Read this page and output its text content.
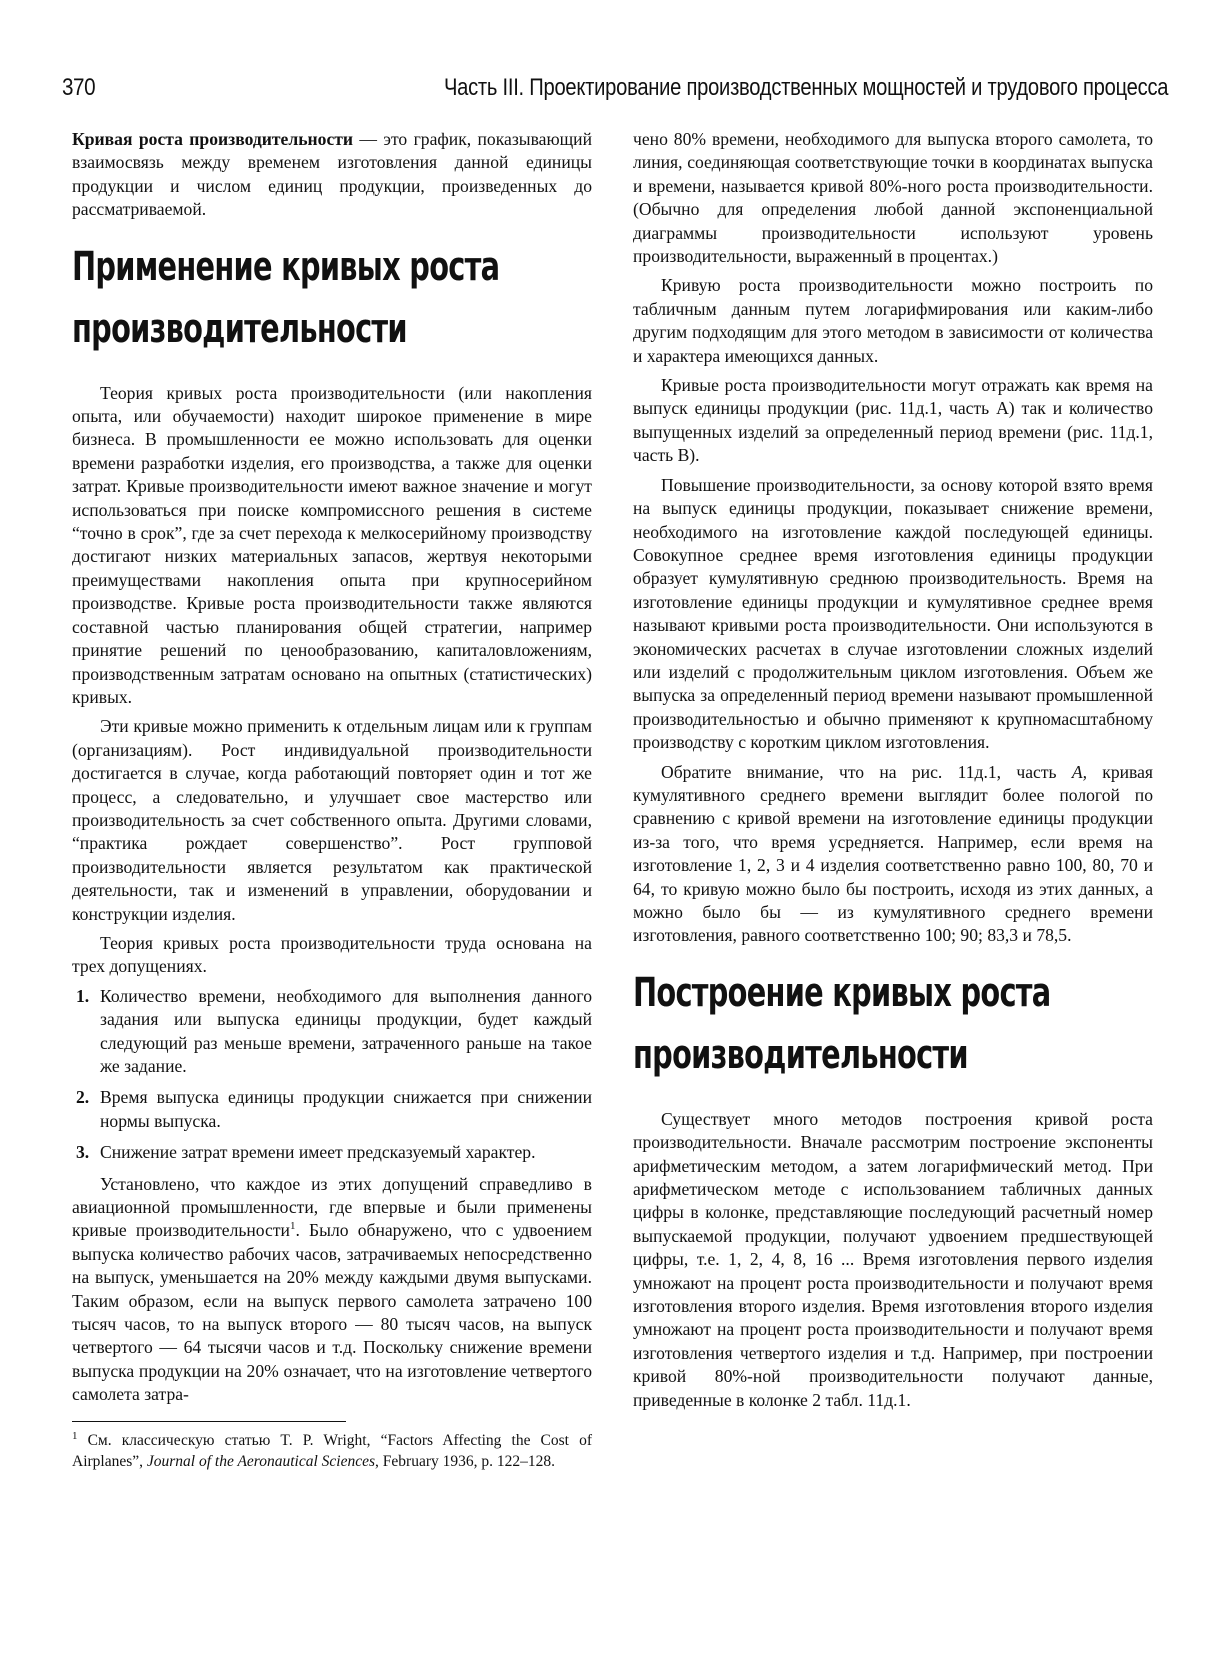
370	Часть III. Проектирование производственных мощностей и трудового процесса

Кривая роста производительности — это график, показывающий взаимосвязь между временем изготовления данной единицы продукции и числом единиц продукции, произведенных до рассматриваемой.

Применение кривых роста
производительности

Теория кривых роста производительности (или накопления опыта, или обучаемости) находит широкое применение в мире бизнеса. В промышленности ее можно использовать для оценки времени разработки изделия, его производства, а также для оценки затрат. Кривые производительности имеют важное значение и могут использоваться при поиске компромиссного решения в системе “точно в срок”, где за счет перехода к мелкосерийному производству достигают низких материальных запасов, жертвуя некоторыми преимуществами накопления опыта при крупносерийном производстве. Кривые роста производительности также являются составной частью планирования общей стратегии, например принятие решений по ценообразованию, капиталовложениям, производственным затратам основано на опытных (статистических) кривых.

Эти кривые можно применить к отдельным лицам или к группам (организациям). Рост индивидуальной производительности достигается в случае, когда работающий повторяет один и тот же процесс, а следовательно, и улучшает свое мастерство или производительность за счет собственного опыта. Другими словами, “практика рождает совершенство”. Рост групповой производительности является результатом как практической деятельности, так и изменений в управлении, оборудовании и конструкции изделия.

Теория кривых роста производительности труда основана на трех допущениях.

1. Количество времени, необходимого для выполнения данного задания или выпуска единицы продукции, будет каждый следующий раз меньше времени, затраченного раньше на такое же задание.
2. Время выпуска единицы продукции снижается при снижении нормы выпуска.
3. Снижение затрат времени имеет предсказуемый характер.

Установлено, что каждое из этих допущений справедливо в авиационной промышленности, где впервые и были применены кривые производительности$^1$. Было обнаружено, что с удвоением выпуска количество рабочих часов, затрачиваемых непосредственно на выпуск, уменьшается на 20% между каждыми двумя выпусками. Таким образом, если на выпуск первого самолета затрачено 100 тысяч часов, то на выпуск второго — 80 тысяч часов, на выпуск четвертого — 64 тысячи часов и т.д. Поскольку снижение времени выпуска продукции на 20% означает, что на изготовление четвертого самолета затра-

$^1$ См. классическую статью T. P. Wright, “Factors Affecting the Cost of Airplanes”, Journal of the Aeronautical Sciences, February 1936, p. 122–128.

чено 80% времени, необходимого для выпуска второго самолета, то линия, соединяющая соответствующие точки в координатах выпуска и времени, называется кривой 80%-ного роста производительности. (Обычно для определения любой данной экспоненциальной диаграммы производительности используют уровень производительности, выраженный в процентах.)

Кривую роста производительности можно построить по табличным данным путем логарифмирования или каким-либо другим подходящим для этого методом в зависимости от количества и характера имеющихся данных.

Кривые роста производительности могут отражать как время на выпуск единицы продукции (рис. 11д.1, часть А) так и количество выпущенных изделий за определенный период времени (рис. 11д.1, часть В).

Повышение производительности, за основу которой взято время на выпуск единицы продукции, показывает снижение времени, необходимого на изготовление каждой последующей единицы. Совокупное среднее время изготовления единицы продукции образует кумулятивную среднюю производительность. Время на изготовление единицы продукции и кумулятивное среднее время называют кривыми роста производительности. Они используются в экономических расчетах в случае изготовлении сложных изделий или изделий с продолжительным циклом изготовления. Объем же выпуска за определенный период времени называют промышленной производительностью и обычно применяют к крупномасштабному производству с коротким циклом изготовления.

Обратите внимание, что на рис. 11д.1, часть А, кривая кумулятивного среднего времени выглядит более пологой по сравнению с кривой времени на изготовление единицы продукции из-за того, что время усредняется. Например, если время на изготовление 1, 2, 3 и 4 изделия соответственно равно 100, 80, 70 и 64, то кривую можно было бы построить, исходя из этих данных, а можно было бы — из кумулятивного среднего времени изготовления, равного соответственно 100; 90; 83,3 и 78,5.

Построение кривых роста
производительности

Существует много методов построения кривой роста производительности. Вначале рассмотрим построение экспоненты арифметическим методом, а затем логарифмический метод. При арифметическом методе с использованием табличных данных цифры в колонке, представляющие последующий расчетный номер выпускаемой продукции, получают удвоением предшествующей цифры, т.е. 1, 2, 4, 8, 16 ... Время изготовления первого изделия умножают на процент роста производительности и получают время изготовления второго изделия. Время изготовления второго изделия умножают на процент роста производительности и получают время изготовления четвертого изделия и т.д. Например, при построении кривой 80%-ной производительности получают данные, приведенные в колонке 2 табл. 11д.1.
